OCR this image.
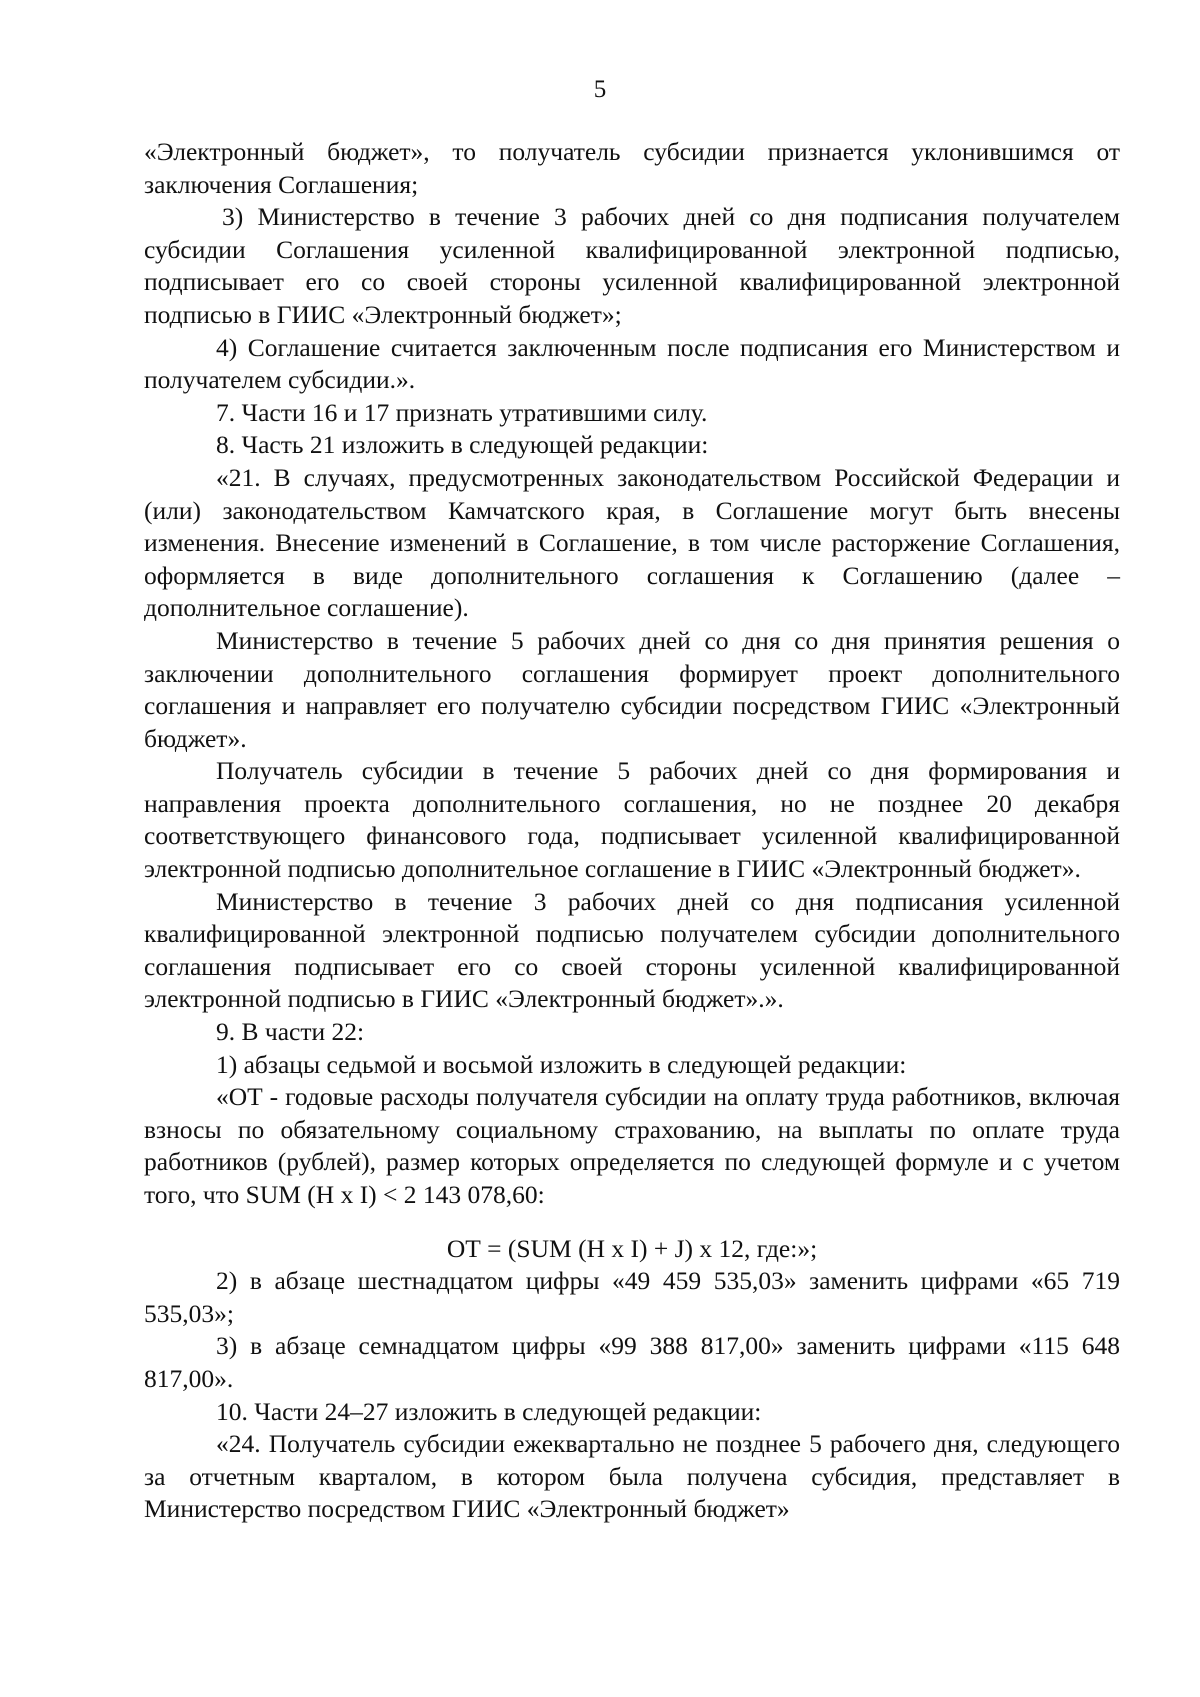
5

«Электронный бюджет», то получатель субсидии признается уклонившимся от заключения Соглашения;

3) Министерство в течение 3 рабочих дней со дня подписания получателем субсидии Соглашения усиленной квалифицированной электронной подписью, подписывает его со своей стороны усиленной квалифицированной электронной подписью в ГИИС «Электронный бюджет»;

4) Соглашение считается заключенным после подписания его Министерством и получателем субсидии.».

7. Части 16 и 17 признать утратившими силу.

8. Часть 21 изложить в следующей редакции:

«21. В случаях, предусмотренных законодательством Российской Федерации и (или) законодательством Камчатского края, в Соглашение могут быть внесены изменения. Внесение изменений в Соглашение, в том числе расторжение Соглашения, оформляется в виде дополнительного соглашения к Соглашению (далее – дополнительное соглашение).

Министерство в течение 5 рабочих дней со дня со дня принятия решения о заключении дополнительного соглашения формирует проект дополнительного соглашения и направляет его получателю субсидии посредством ГИИС «Электронный бюджет».

Получатель субсидии в течение 5 рабочих дней со дня формирования и направления проекта дополнительного соглашения, но не позднее 20 декабря соответствующего финансового года, подписывает усиленной квалифицированной электронной подписью дополнительное соглашение в ГИИС «Электронный бюджет».

Министерство в течение 3 рабочих дней со дня подписания усиленной квалифицированной электронной подписью получателем субсидии дополнительного соглашения подписывает его со своей стороны усиленной квалифицированной электронной подписью в ГИИС «Электронный бюджет».».

9. В части 22:

1) абзацы седьмой и восьмой изложить в следующей редакции:

«ОТ - годовые расходы получателя субсидии на оплату труда работников, включая взносы по обязательному социальному страхованию, на выплаты по оплате труда работников (рублей), размер которых определяется по следующей формуле и с учетом того, что SUM (H x I) < 2 143 078,60:

ОТ = (SUM (H x I) + J) x 12, где:»;

2) в абзаце шестнадцатом цифры «49 459 535,03» заменить цифрами «65 719 535,03»;

3) в абзаце семнадцатом цифры «99 388 817,00» заменить цифрами «115 648 817,00».

10. Части 24–27 изложить в следующей редакции:

«24. Получатель субсидии ежеквартально не позднее 5 рабочего дня, следующего за отчетным кварталом, в котором была получена субсидия, представляет в Министерство посредством ГИИС «Электронный бюджет»
